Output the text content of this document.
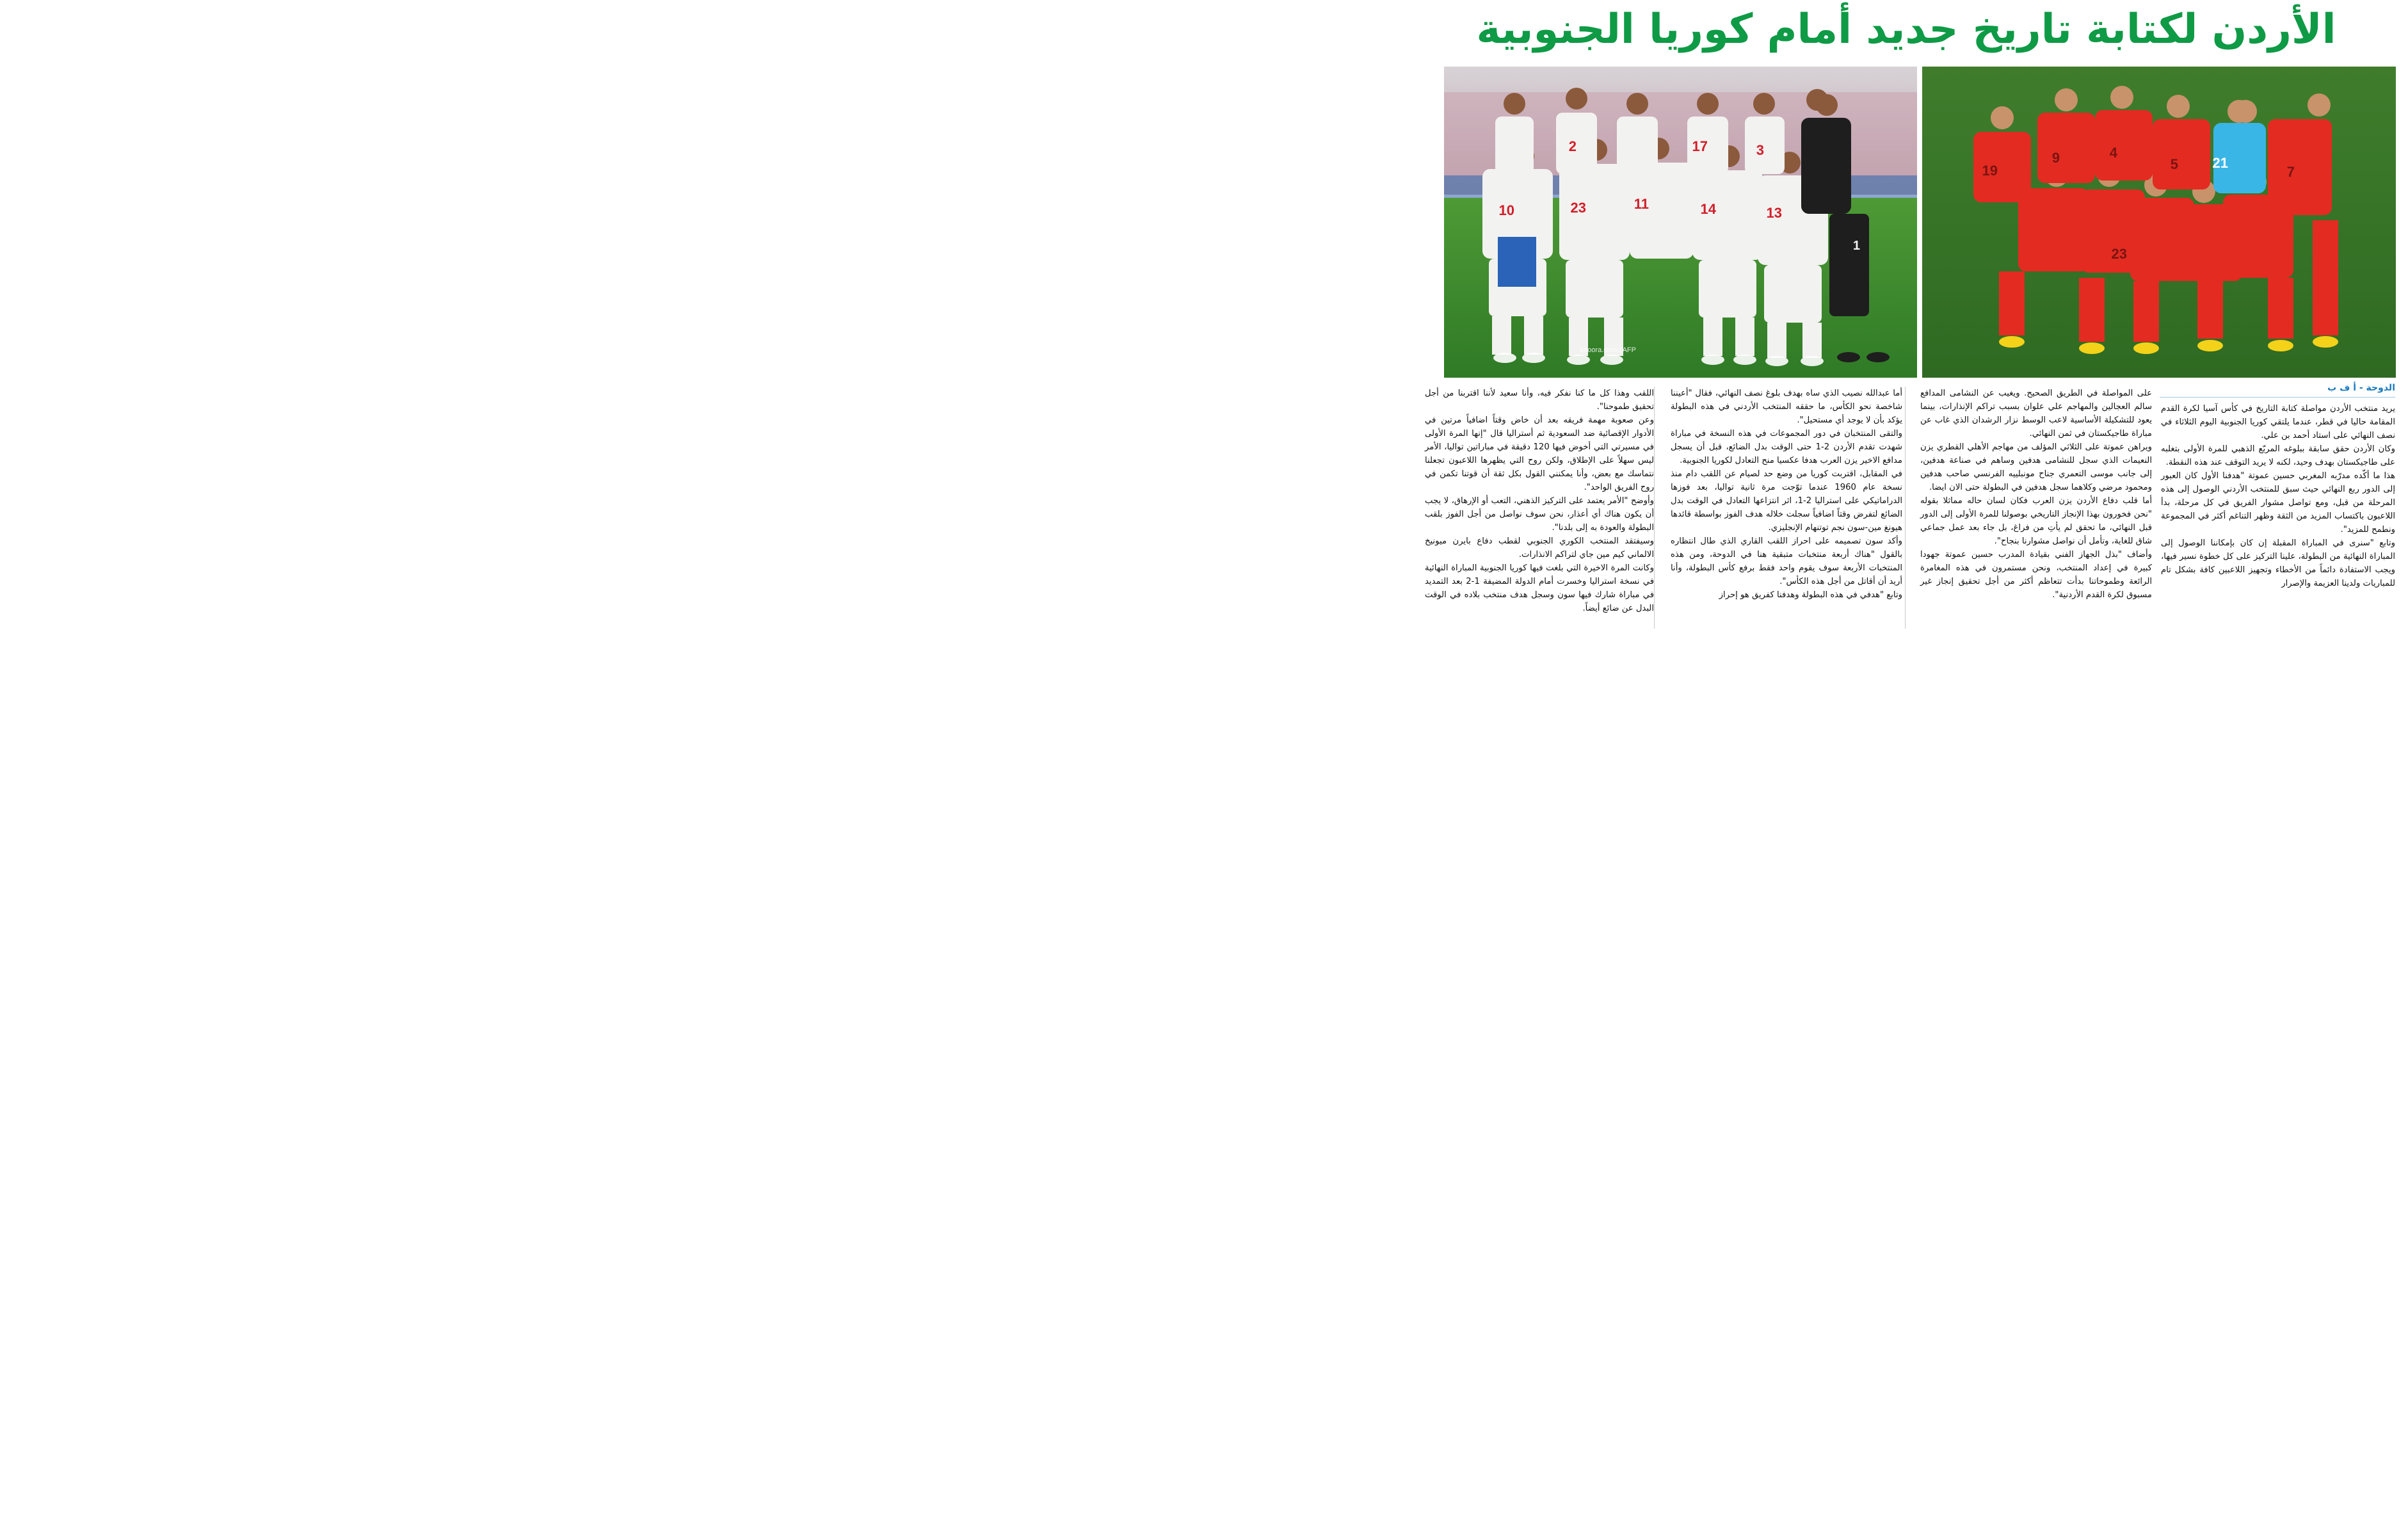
الأردن لكتابة تاريخ جديد أمام كوريا الجنوبية
2	17	3
10	23	11	14	13
1
kooora.com / AFP
19
9	4
5	7
23
21
الدوحة - أ ف ب

يريد منتخب الأردن مواصلة كتابة التاريخ في كأس آسيا لكرة القدم المقامة حاليا في قطر، عندما يلتقي كوريا الجنوبية اليوم الثلاثاء في نصف النهائي على استاد أحمد بن علي.

وكان الأردن حقق سابقة ببلوغه المربّع الذهبي للمرة الأولى بتغلبه على طاجيكستان بهدف وحيد، لكنه لا يريد التوقف عند هذه النقطة.

هذا ما أكّده مدرّبه المغربي حسين عموتة "هدفنا الأول كان العبور إلى الدور ربع النهائي حيث سبق للمنتخب الأردني الوصول إلى هذه المرحلة من قبل، ومع تواصل مشوار الفريق في كل مرحلة، بدأ اللاعبون باكتساب المزيد من الثقة وظهر التناغم أكثر في المجموعة ونطمح للمزيد".

وتابع "سنرى في المباراة المقبلة إن كان بإمكاننا الوصول إلى المباراة النهائية من البطولة، علينا التركيز على كل خطوة نسير فيها، ويجب الاستفادة دائماً من الأخطاء وتجهيز اللاعبين كافة بشكل تام للمباريات ولدينا العزيمة والإصرار

على المواصلة في الطريق الصحيح. ويغيب عن النشامى المدافع سالم العجالين والمهاجم علي علوان بسبب تراكم الإنذارات، بينما يعود للتشكيلة الأساسية لاعب الوسط نزار الرشدان الذي غاب عن مباراة طاجيكستان في ثمن النهائي.

ويراهن عموتة على الثلاثي المؤلف من مهاجم الأهلي القطري يزن النعيمات الذي سجل للنشامى هدفين وساهم في صناعة هدفين، إلى جانب موسى التعمري جناح مونبلييه الفرنسي صاحب هدفين ومحمود مرضي وكلاهما سجل هدفين في البطولة حتى الان ايضا.

أما قلب دفاع الأردن يزن العرب فكان لسان حاله مماثلا بقوله "نحن فخورون بهذا الإنجاز التاريخي بوصولنا للمرة الأولى إلى الدور قبل النهائي، ما تحقق لم يأتِ من فراغ، بل جاء بعد عمل جماعي شاق للغاية، وتأمل أن نواصل مشوارنا بنجاح".

وأضاف "بذل الجهاز الفني بقيادة المدرب حسين عموتة جهودا كبيرة في إعداد المنتخب، ونحن مستمرون في هذه المغامرة الرائعة وطموحاتنا بدأت تتعاظم أكثر من أجل تحقيق إنجاز غير مسبوق لكرة القدم الأردنية".

أما عبدالله نصيب الذي ساه بهدف بلوغ نصف النهائي، فقال "أعيننا شاخصة نحو الكأس، ما حققه المنتخب الأردني في هذه البطولة يؤكد بأن لا يوجد أي مستحيل".

والتقى المنتخبان في دور المجموعات في هذه النسخة في مباراة شهدت تقدم الأردن 2-1 حتى الوقت بدل الضائع، قبل أن يسجل مدافع الاخير يزن العرب هدفا عكسيا منح التعادل لكوريا الجنوبية.

في المقابل، اقتربت كوريا من وضع حد لصيام عن اللقب دام منذ نسخة عام 1960 عندما توّجت مرة ثانية تواليا، بعد فوزها الدراماتيكي على استراليا 2-1، اثر انتزاعها التعادل في الوقت بدل الضائع لتفرض وقتاً اضافياً سجلت خلاله هدف الفوز بواسطة قائدها هيونغ مين-سون نجم توتنهام الإنجليزي.

وأكد سون تصميمه على احراز اللقب القاري الذي طال انتظاره بالقول "هناك أربعة منتخبات متبقية هنا في الدوحة، ومن هذه المنتخبات الأربعة سوف يقوم واحد فقط برفع كأس البطولة، وأنا أريد أن أقاتل من أجل هذه الكأس".

وتابع "هدفي في هذه البطولة وهدفنا كفريق هو إحراز

اللقب وهذا كل ما كنا نفكر فيه، وأنا سعيد لأننا اقتربنا من أجل تحقيق طموحنا".

وعن صعوبة مهمة فريقه بعد أن خاض وقتاً اضافياً مرتين في الأدوار الإقصائية ضد السعودية ثم أستراليا قال "إنها المرة الأولى في مسيرتي التي أخوض فيها 120 دقيقة في مباراتين تواليا، الأمر ليس سهلاً على الإطلاق، ولكن روح التي يظهرها اللاعبون تجعلنا نتماسك مع بعض، وأنا يمكنني القول بكل ثقة أن قوتنا تكمن في روح الفريق الواحد".

وأوضح "الأمر يعتمد على التركيز الذهني، التعب أو الإرهاق، لا يجب أن يكون هناك أي أعذار، نحن سوف نواصل من أجل الفوز بلقب البطولة والعودة به إلى بلدنا".

وسيفتقد المنتخب الكوري الجنوبي لقطب دفاع بايرن ميونيخ الالماني كيم مين جاي لتراكم الانذارات.

وكانت المرة الاخيرة التي بلغت فيها كوريا الجنوبية المباراة النهائية في نسخة استراليا وخسرت أمام الدولة المضيفة 1-2 بعد التمديد في مباراة شارك فيها سون وسجل هدف منتخب بلاده في الوقت البدل عن ضائع أيضاً.
